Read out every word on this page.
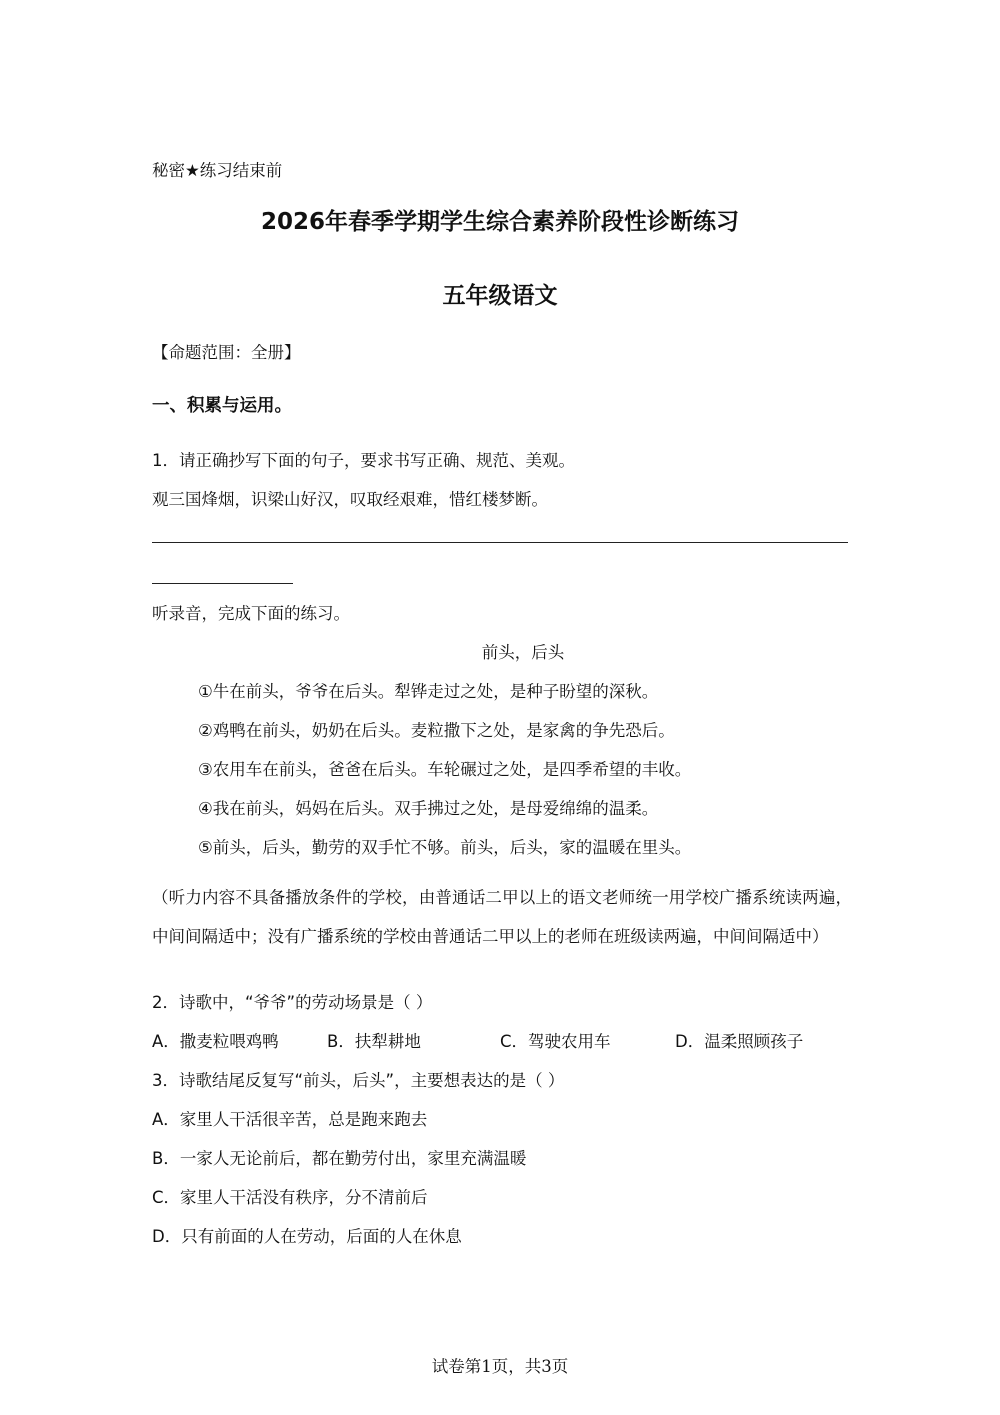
秘密★练习结束前
2026年春季学期学生综合素养阶段性诊断练习
五年级语文
【命题范围：全册】
一、积累与运用。
1．请正确抄写下面的句子，要求书写正确、规范、美观。
观三国烽烟，识梁山好汉，叹取经艰难，惜红楼梦断。
听录音，完成下面的练习。
前头，后头
①牛在前头，爷爷在后头。犁铧走过之处，是种子盼望的深秋。
②鸡鸭在前头，奶奶在后头。麦粒撒下之处，是家禽的争先恐后。
③农用车在前头，爸爸在后头。车轮碾过之处，是四季希望的丰收。
④我在前头，妈妈在后头。双手拂过之处，是母爱绵绵的温柔。
⑤前头，后头，勤劳的双手忙不够。前头，后头，家的温暖在里头。
（听力内容不具备播放条件的学校，由普通话二甲以上的语文老师统一用学校广播系统读两遍，中间间隔适中；没有广播系统的学校由普通话二甲以上的老师在班级读两遍，中间间隔适中）
2．诗歌中，“爷爷”的劳动场景是（ ）
A．撒麦粒喂鸡鸭	B．扶犁耕地	C．驾驶农用车	D．温柔照顾孩子
3．诗歌结尾反复写“前头，后头”，主要想表达的是（ ）
A．家里人干活很辛苦，总是跑来跑去
B．一家人无论前后，都在勤劳付出，家里充满温暖
C．家里人干活没有秩序，分不清前后
D．只有前面的人在劳动，后面的人在休息
试卷第1页，共3页
